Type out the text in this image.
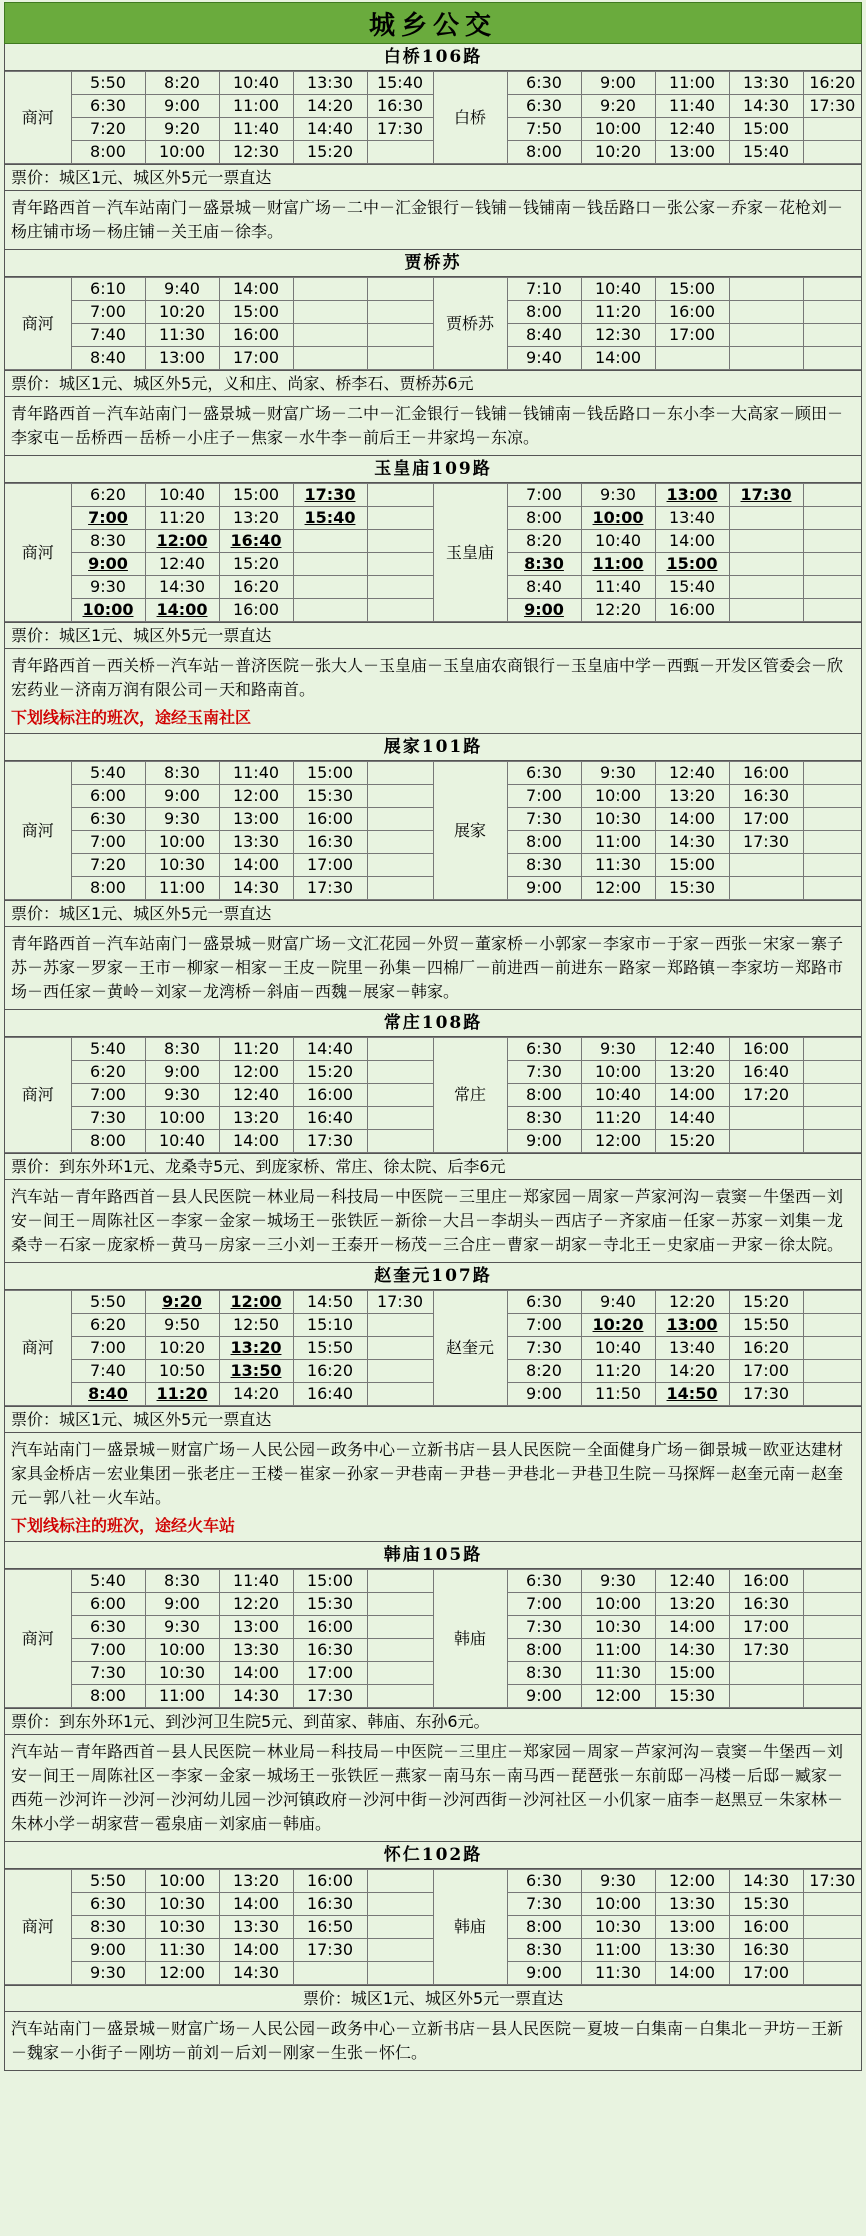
城乡公交
白桥106路
商河	5:50	8:20	10:40	13:30	15:40	白桥	6:30	9:00	11:00	13:30	16:20
	6:30	9:00	11:00	14:20	16:30		6:30	9:20	11:40	14:30	17:30
	7:20	9:20	11:40	14:40	17:30		7:50	10:00	12:40	15:00	
	8:00	10:00	12:30	15:20			8:00	10:20	13:00	15:40	
票价：城区1元、城区外5元一票直达
青年路西首－汽车站南门－盛景城－财富广场－二中－汇金银行－钱铺－钱铺南－钱岳路口－张公家－乔家－花枪刘－杨庄铺市场－杨庄铺－关王庙－徐李。
贾桥苏
商河	6:10	9:40	14:00			贾桥苏	7:10	10:40	15:00		
	7:00	10:20	15:00				8:00	11:20	16:00		
	7:40	11:30	16:00				8:40	12:30	17:00		
	8:40	13:00	17:00				9:40	14:00			
票价：城区1元、城区外5元，义和庄、尚家、桥李石、贾桥苏6元
青年路西首－汽车站南门－盛景城－财富广场－二中－汇金银行－钱铺－钱铺南－钱岳路口－东小李－大高家－顾田－李家屯－岳桥西－岳桥－小庄子－焦家－水牛李－前后王－井家坞－东凉。
玉皇庙109路
商河	6:20	10:40	15:00	17:30		玉皇庙	7:00	9:30	13:00	17:30	
	7:00	11:20	13:20	15:40			8:00	10:00	13:40		
	8:30	12:00	16:40				8:20	10:40	14:00		
	9:00	12:40	15:20				8:30	11:00	15:00		
	9:30	14:30	16:20				8:40	11:40	15:40		
	10:00	14:00	16:00				9:00	12:20	16:00		
票价：城区1元、城区外5元一票直达
青年路西首－西关桥－汽车站－普济医院－张大人－玉皇庙－玉皇庙农商银行－玉皇庙中学－西甄－开发区管委会－欣宏药业－济南万润有限公司－天和路南首。
下划线标注的班次，途经玉南社区
展家101路
商河	5:40	8:30	11:40	15:00		展家	6:30	9:30	12:40	16:00	
	6:00	9:00	12:00	15:30			7:00	10:00	13:20	16:30	
	6:30	9:30	13:00	16:00			7:30	10:30	14:00	17:00	
	7:00	10:00	13:30	16:30			8:00	11:00	14:30	17:30	
	7:20	10:30	14:00	17:00			8:30	11:30	15:00		
	8:00	11:00	14:30	17:30			9:00	12:00	15:30		
票价：城区1元、城区外5元一票直达
青年路西首－汽车站南门－盛景城－财富广场－文汇花园－外贸－董家桥－小郭家－李家市－于家－西张－宋家－寨子苏－苏家－罗家－王市－柳家－相家－王皮－院里－孙集－四棉厂－前进西－前进东－路家－郑路镇－李家坊－郑路市场－西任家－黄岭－刘家－龙湾桥－斜庙－西魏－展家－韩家。
常庄108路
商河	5:40	8:30	11:20	14:40		常庄	6:30	9:30	12:40	16:00	
	6:20	9:00	12:00	15:20			7:30	10:00	13:20	16:40	
	7:00	9:30	12:40	16:00			8:00	10:40	14:00	17:20	
	7:30	10:00	13:20	16:40			8:30	11:20	14:40		
	8:00	10:40	14:00	17:30			9:00	12:00	15:20		
票价：到东外环1元、龙桑寺5元、到庞家桥、常庄、徐太院、后李6元
汽车站－青年路西首－县人民医院－林业局－科技局－中医院－三里庄－郑家园－周家－芦家河沟－袁窦－牛堡西－刘安－间王－周陈社区－李家－金家－城场王－张铁匠－新徐－大吕－李胡头－西店子－齐家庙－任家－苏家－刘集－龙桑寺－石家－庞家桥－黄马－房家－三小刘－王泰开－杨茂－三合庄－曹家－胡家－寺北王－史家庙－尹家－徐太院。
赵奎元107路
商河	5:50	9:20	12:00	14:50	17:30	赵奎元	6:30	9:40	12:20	15:20	
	6:20	9:50	12:50	15:10			7:00	10:20	13:00	15:50	
	7:00	10:20	13:20	15:50			7:30	10:40	13:40	16:20	
	7:40	10:50	13:50	16:20			8:20	11:20	14:20	17:00	
	8:40	11:20	14:20	16:40			9:00	11:50	14:50	17:30	
票价：城区1元、城区外5元一票直达
汽车站南门－盛景城－财富广场－人民公园－政务中心－立新书店－县人民医院－全面健身广场－御景城－欧亚达建材家具金桥店－宏业集团－张老庄－王楼－崔家－孙家－尹巷南－尹巷－尹巷北－尹巷卫生院－马探辉－赵奎元南－赵奎元－郭八社－火车站。
下划线标注的班次，途经火车站
韩庙105路
商河	5:40	8:30	11:40	15:00		韩庙	6:30	9:30	12:40	16:00	
	6:00	9:00	12:20	15:30			7:00	10:00	13:20	16:30	
	6:30	9:30	13:00	16:00			7:30	10:30	14:00	17:00	
	7:00	10:00	13:30	16:30			8:00	11:00	14:30	17:30	
	7:30	10:30	14:00	17:00			8:30	11:30	15:00		
	8:00	11:00	14:30	17:30			9:00	12:00	15:30		
票价：到东外环1元、到沙河卫生院5元、到苗家、韩庙、东孙6元。
汽车站－青年路西首－县人民医院－林业局－科技局－中医院－三里庄－郑家园－周家－芦家河沟－袁窦－牛堡西－刘安－间王－周陈社区－李家－金家－城场王－张铁匠－燕家－南马东－南马西－琵琶张－东前邸－冯楼－后邸－臧家－西苑－沙河许－沙河－沙河幼儿园－沙河镇政府－沙河中街－沙河西街－沙河社区－小仉家－庙李－赵黑豆－朱家林－朱林小学－胡家营－雹泉庙－刘家庙－韩庙。
怀仁102路
商河	5:50	10:00	13:20	16:00		韩庙	6:30	9:30	12:00	14:30	17:30
	6:30	10:30	14:00	16:30			7:30	10:00	13:30	15:30	
	8:30	10:30	13:30	16:50			8:00	10:30	13:00	16:00	
	9:00	11:30	14:00	17:30			8:30	11:00	13:30	16:30	
	9:30	12:00	14:30				9:00	11:30	14:00	17:00	
票价：城区1元、城区外5元一票直达
汽车站南门－盛景城－财富广场－人民公园－政务中心－立新书店－县人民医院－夏坡－白集南－白集北－尹坊－王新－魏家－小街子－刚坊－前刘－后刘－刚家－生张－怀仁。
